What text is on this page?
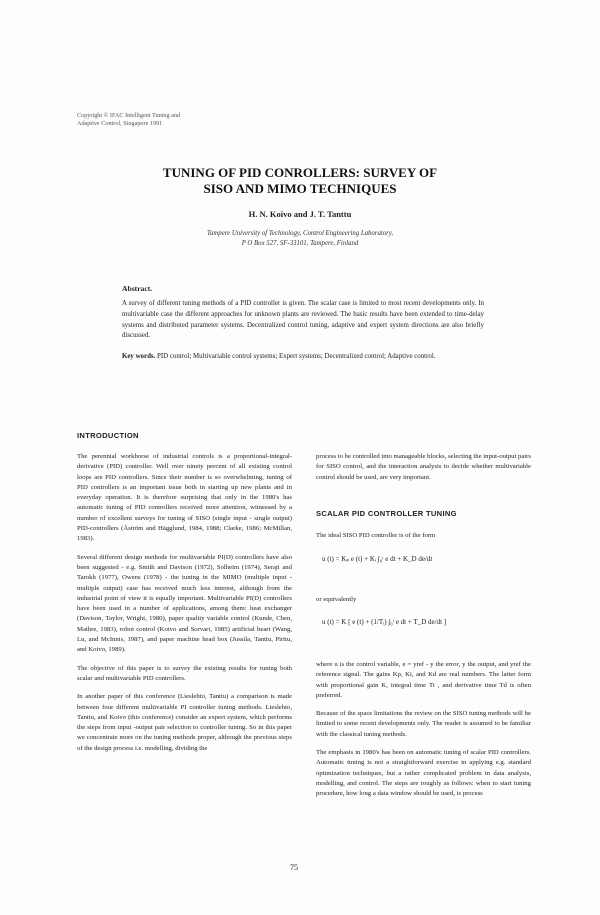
Copyright © IFAC Intelligent Tuning and
Adaptive Control, Singapore 1991
TUNING OF PID CONROLLERS: SURVEY OF
SISO AND MIMO TECHNIQUES
H. N. Koivo and J. T. Tanttu
Tampere University of Technology, Control Engineering Laboratory,
P O Box 527, SF-33101, Tampere, Finland
Abstract.
A survey of different tuning methods of a PID controller is given. The scalar case is limited to most recent developments only. In multivariable case the different approaches for unknown plants are reviewed. The basic results have been extended to time-delay systems and distributed parameter systems. Decentralized control tuning, adaptive and expert system directions are also briefly discussed.
Key words. PID control; Multivariable control systems; Expert systems; Decentralized control; Adaptive control.
INTRODUCTION

The perennial workhorse of industrial controls is a proportional-integral-derivative (PID) controller. Well over ninety percent of all existing control loops are PID controllers. Since their number is so overwhelming, tuning of PID controllers is an important issue both in starting up new plants and in everyday operation. It is therefore surprising that only in the 1980's has automatic tuning of PID controllers received more attention, witnessed by a number of excellent surveys for tuning of SISO (single input - single output) PID-controllers (Åström and Hägglund, 1984, 1988; Clarke, 1986; McMillan, 1983).

Several different design methods for multivariable PI(D) controllers have also been suggested - e.g. Smith and Davison (1972), Solheim (1974), Seraji and Tarokh (1977), Owens (1978) - the tuning in the MIMO (multiple input -multiple output) case has received much less interest, although from the industrial point of view it is equally important. Multivariable PI(D) controllers have been used in a number of applications, among them: heat exchanger (Davison, Taylor, Wright, 1980), paper quality variable control (Kunde, Chen, Mathre, 1983), robot control (Koivo and Sorvari, 1985) artificial heart (Wang, Lu, and McInnis, 1987), and paper machine head box (Jussila, Tanttu, Pirttu, and Koivo, 1989).

The objective of this paper is to survey the existing results for tuning both scalar and multivariable PID controllers.

In another paper of this conference (Lieslehto, Tanttu) a comparison is made between four different multivariable PI controller tuning methods. Lieslehto, Tanttu, and Koivo (this conference) consider an expert system, which performs the steps from input -output pair selection to controller tuning. So in this paper we concentrate more on the tuning methods proper, although the previous steps of the design process i.e. modelling, dividing the

process to be controlled into manageable blocks, selecting the input-output pairs for SISO control, and the interaction analysis to decide whether multivariable control should be used, are very important.

SCALAR PID CONTROLLER TUNING
The ideal SISO PID controller is of the form
u (t) = Kₚ e (t) + Kᵢ ∫₀ᵗ e dt + K_D de/dt
or equivalently
u (t) = K [ e (t) + (1/Tᵢ) ∫₀ᵗ e dt + T_D de/dt ]

where u is the control variable, e = yref - y the error, y the output, and yref the reference signal. The gains Kp, Ki, and Kd are real numbers. The latter form with proportional gain K, integral time Ti , and derivative time Td is often preferred.

Because of the space limitations the review on the SISO tuning methods will be limited to some recent developments only. The reader is assumed to be familiar with the classical tuning methods.

The emphasis in 1980's has been on automatic tuning of scalar PID controllers. Automatic tuning is not a straightforward exercise in applying e.g. standard optimization techniques, but a rather complicated problem in data analysis, modelling, and control. The steps are roughly as follows: when to start tuning procedure, how long a data window should be used, is process

75
